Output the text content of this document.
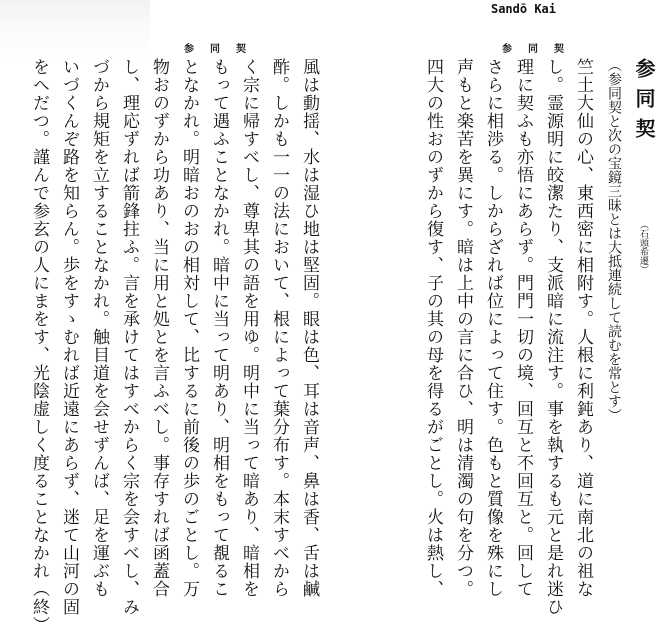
参同契
風は動揺、水は湿ひ地は堅固。眼は色、耳は音声、鼻は香、舌は鹹
酢。しかも一一の法において、根によって葉分布す。本末すべから
く宗に帰すべし、尊卑其の語を用ゆ。明中に当って暗あり、暗相を
もって遇ふことなかれ。暗中に当って明あり、明相をもって覩るこ
となかれ。明暗おのおの相対して、比するに前後の歩のごとし。万
物おのずから功あり、当に用と処とを言ふべし。事存すれば函蓋合
し、理応ずれば箭鋒拄ふ。言を承けてはすべからく宗を会すべし、み
づから規矩を立することなかれ。触目道を会せずんば、足を運ぶも
いづくんぞ路を知らん。歩をすゝむれば近遠にあらず、迷て山河の固
をへだつ。謹んで参玄の人にまをす、光陰虚しく度ることなかれ（終）
Sandō Kai
参同契
参同契
（石頭希遷）
（参同契と次の宝鏡三昧とは大抵連続して読むを常とす）
竺土大仙の心、東西密に相附す。人根に利鈍あり、道に南北の祖な
し。霊源明に皎潔たり、支派暗に流注す。事を執するも元と是れ迷ひ
理に契ふも亦悟にあらず。門門一切の境、回互と不回互と。回して
さらに相渉る。しからざれば位によって住す。色もと質像を殊にし
声もと楽苦を異にす。暗は上中の言に合ひ、明は清濁の句を分つ。
四大の性おのずから復す、子の其の母を得るがごとし。火は熱し、
